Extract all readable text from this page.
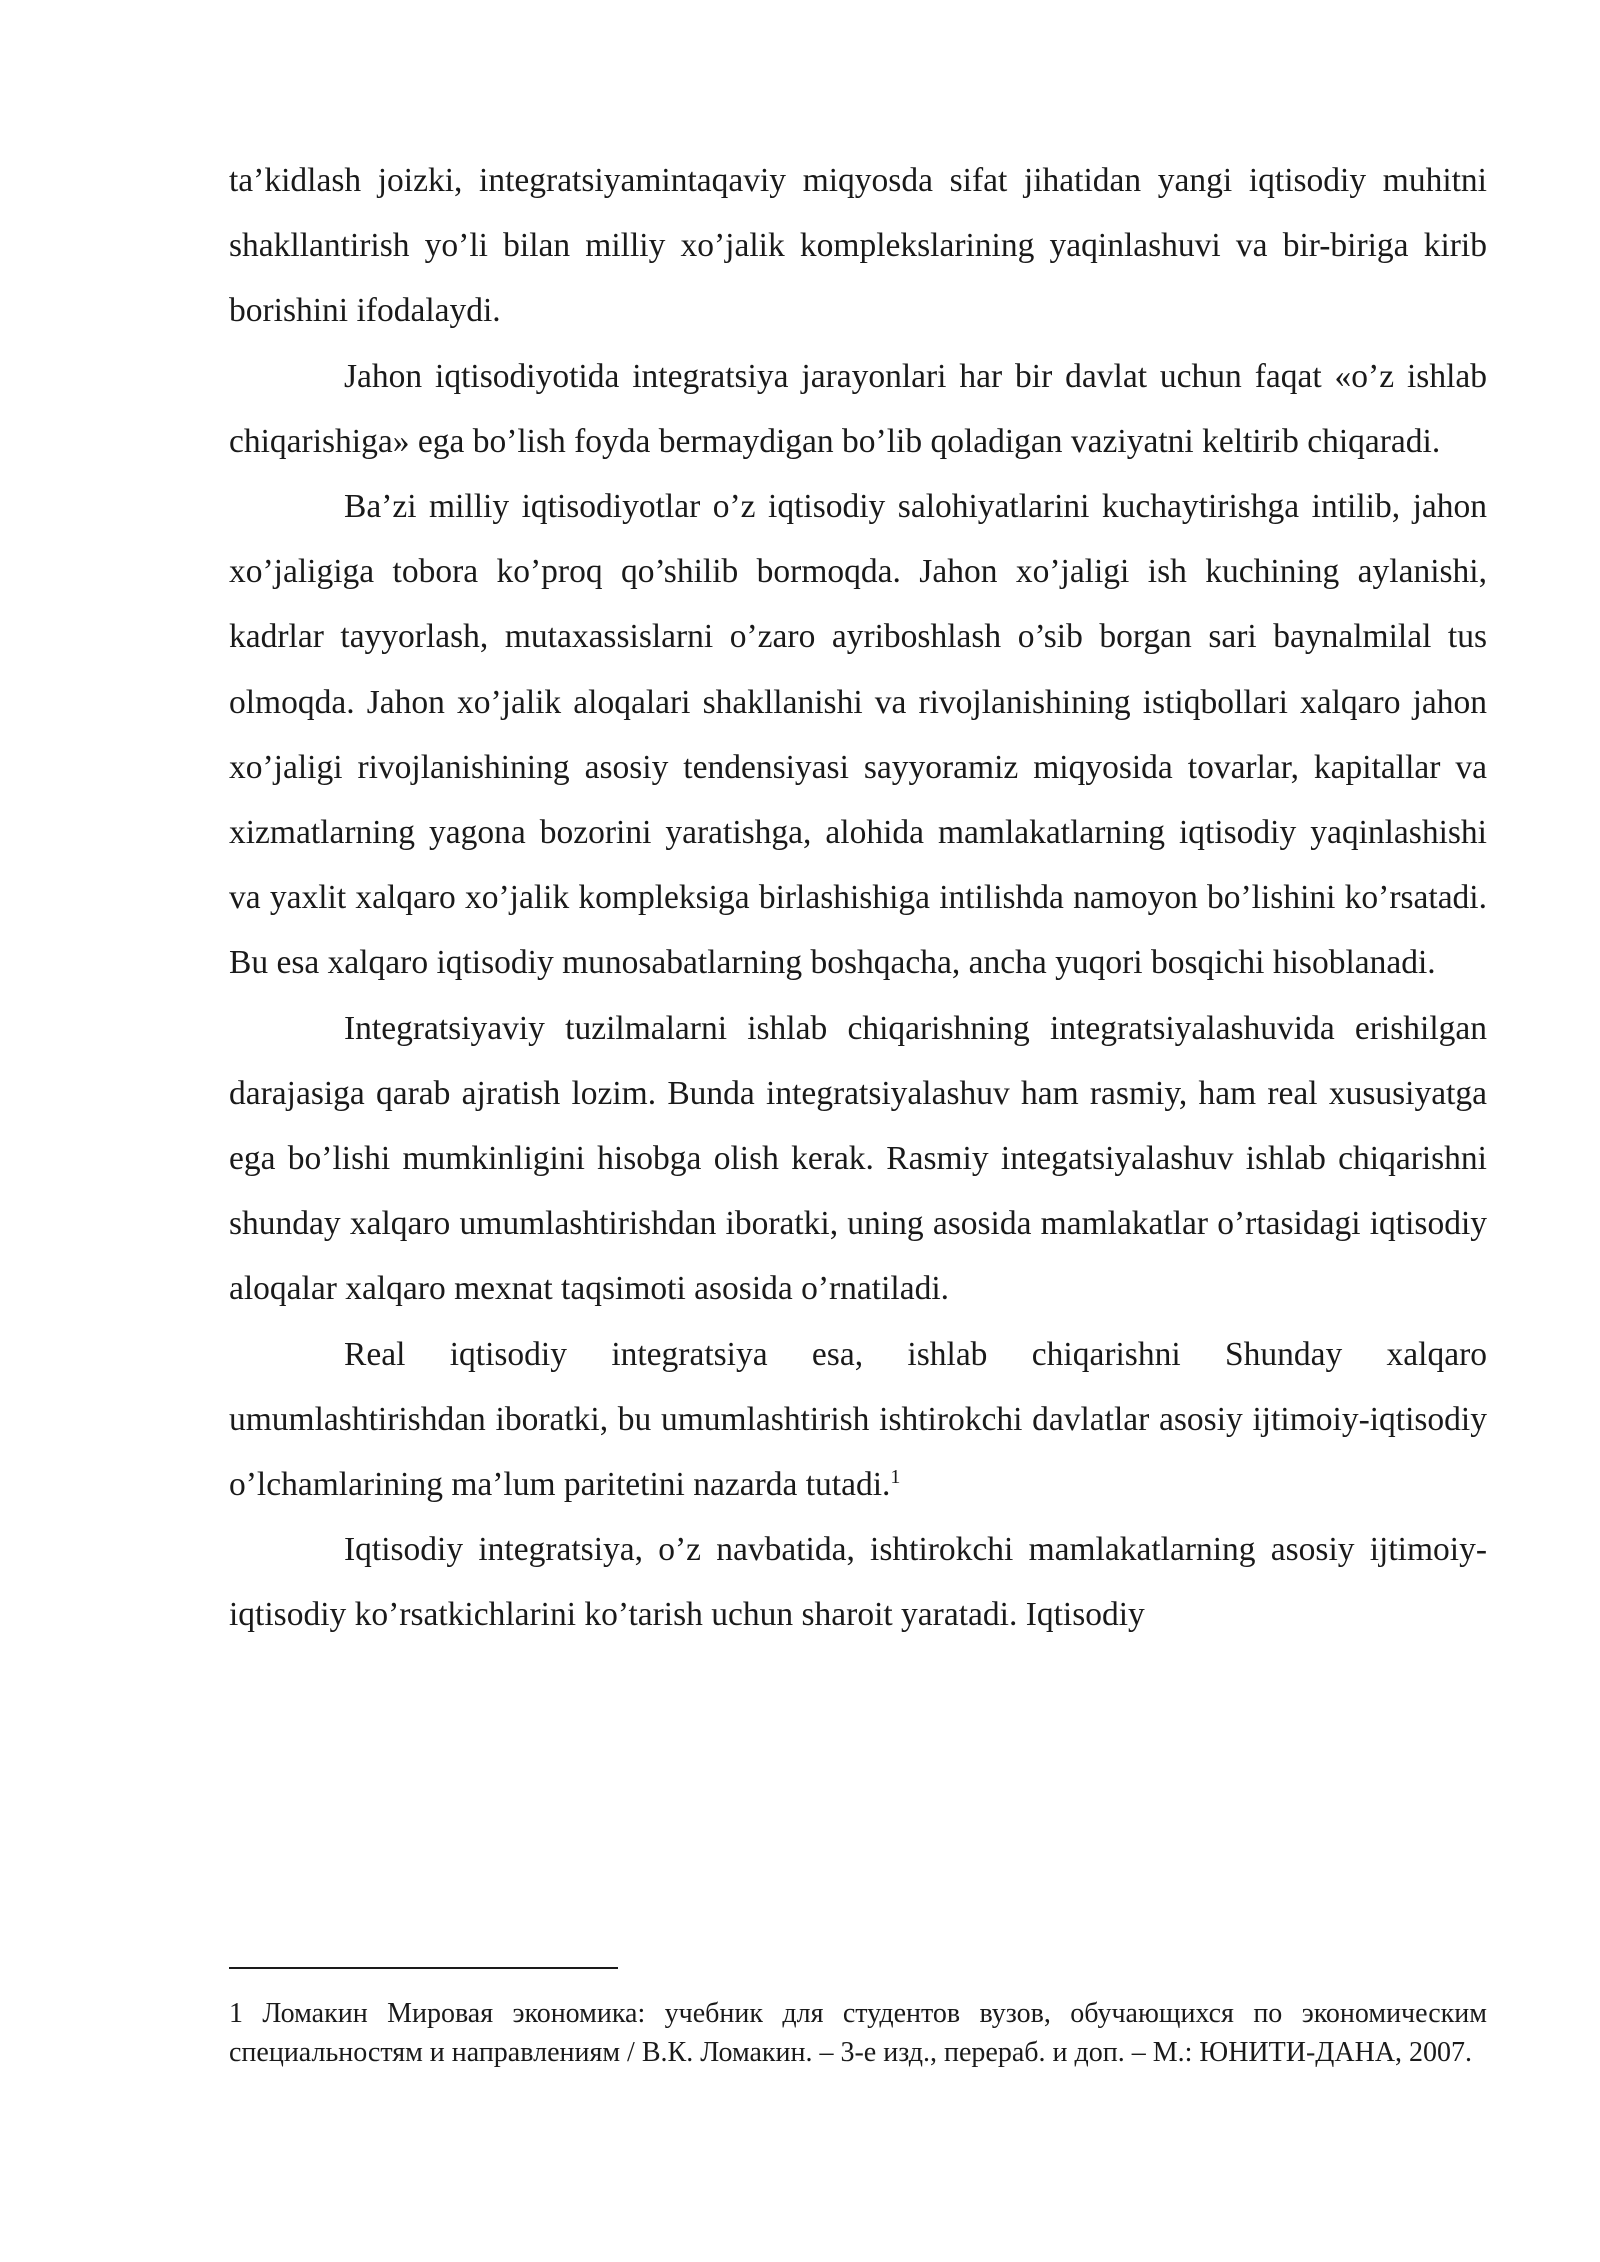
ta’kidlash joizki, integratsiyamintaqaviy miqyosda sifat jihatidan yangi iqtisodiy muhitni shakllantirish yo’li bilan milliy xo’jalik komplekslarining yaqinlashuvi va bir-biriga kirib borishini ifodalaydi.

Jahon iqtisodiyotida integratsiya jarayonlari har bir davlat uchun faqat «o’z ishlab chiqarishiga» ega bo’lish foyda bermaydigan bo’lib qoladigan vaziyatni keltirib chiqaradi.

Ba’zi milliy iqtisodiyotlar o’z iqtisodiy salohiyatlarini kuchaytirishga intilib, jahon xo’jaligiga tobora ko’proq qo’shilib bormoqda. Jahon xo’jaligi ish kuchining aylanishi, kadrlar tayyorlash, mutaxassislarni o’zaro ayriboshlash o’sib borgan sari baynalmilal tus olmoqda. Jahon xo’jalik aloqalari shakllanishi va rivojlanishining istiqbollari xalqaro jahon xo’jaligi rivojlanishining asosiy tendensiyasi sayyoramiz miqyosida tovarlar, kapitallar va xizmatlarning yagona bozorini yaratishga, alohida mamlakatlarning iqtisodiy yaqinlashishi va yaxlit xalqaro xo’jalik kompleksiga birlashishiga intilishda namoyon bo’lishini ko’rsatadi. Bu esa xalqaro iqtisodiy munosabatlarning boshqacha, ancha yuqori bosqichi hisoblanadi.

Integratsiyaviy tuzilmalarni ishlab chiqarishning integratsiyalashuvida erishilgan darajasiga qarab ajratish lozim. Bunda integratsiyalashuv ham rasmiy, ham real xususiyatga ega bo’lishi mumkinligini hisobga olish kerak. Rasmiy integatsiyalashuv ishlab chiqarishni shunday xalqaro umumlashtirishdan iboratki, uning asosida mamlakatlar o’rtasidagi iqtisodiy aloqalar xalqaro mexnat taqsimoti asosida o’rnatiladi.

Real iqtisodiy integratsiya esa, ishlab chiqarishni Shunday xalqaro umumlashtirishdan iboratki, bu umumlashtirish ishtirokchi davlatlar asosiy ijtimoiy-iqtisodiy o’lchamlarining ma’lum paritetini nazarda tutadi.$^1$

Iqtisodiy integratsiya, o’z navbatida, ishtirokchi mamlakatlarning asosiy ijtimoiy-iqtisodiy ko’rsatkichlarini ko’tarish uchun sharoit yaratadi. Iqtisodiy

1 Ломакин Мировая экономика: учебник для студентов вузов, обучающихся по экономическим специальностям и направлениям / В.К. Ломакин. – 3-е изд., перераб. и доп. – М.: ЮНИТИ-ДАНА, 2007.
